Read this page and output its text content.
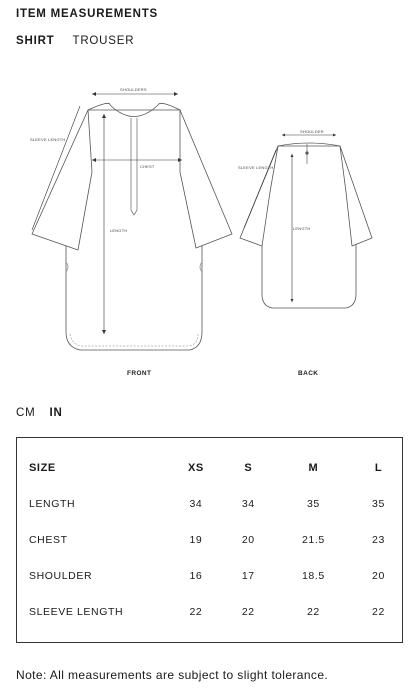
ITEM MEASUREMENTS
SHIRT TROUSER
SHOULDERS
SLEEVE LENGTH
CHEST
LENGTH
SHOULDER
SLEEVE LENGTH
LENGTH
FRONT	BACK
CM IN
SIZE	XS	S	M	L
LENGTH	34	34	35	35
CHEST	19	20	21.5	23
SHOULDER	16	17	18.5	20
SLEEVE LENGTH	22	22	22	22
Note: All measurements are subject to slight tolerance.
